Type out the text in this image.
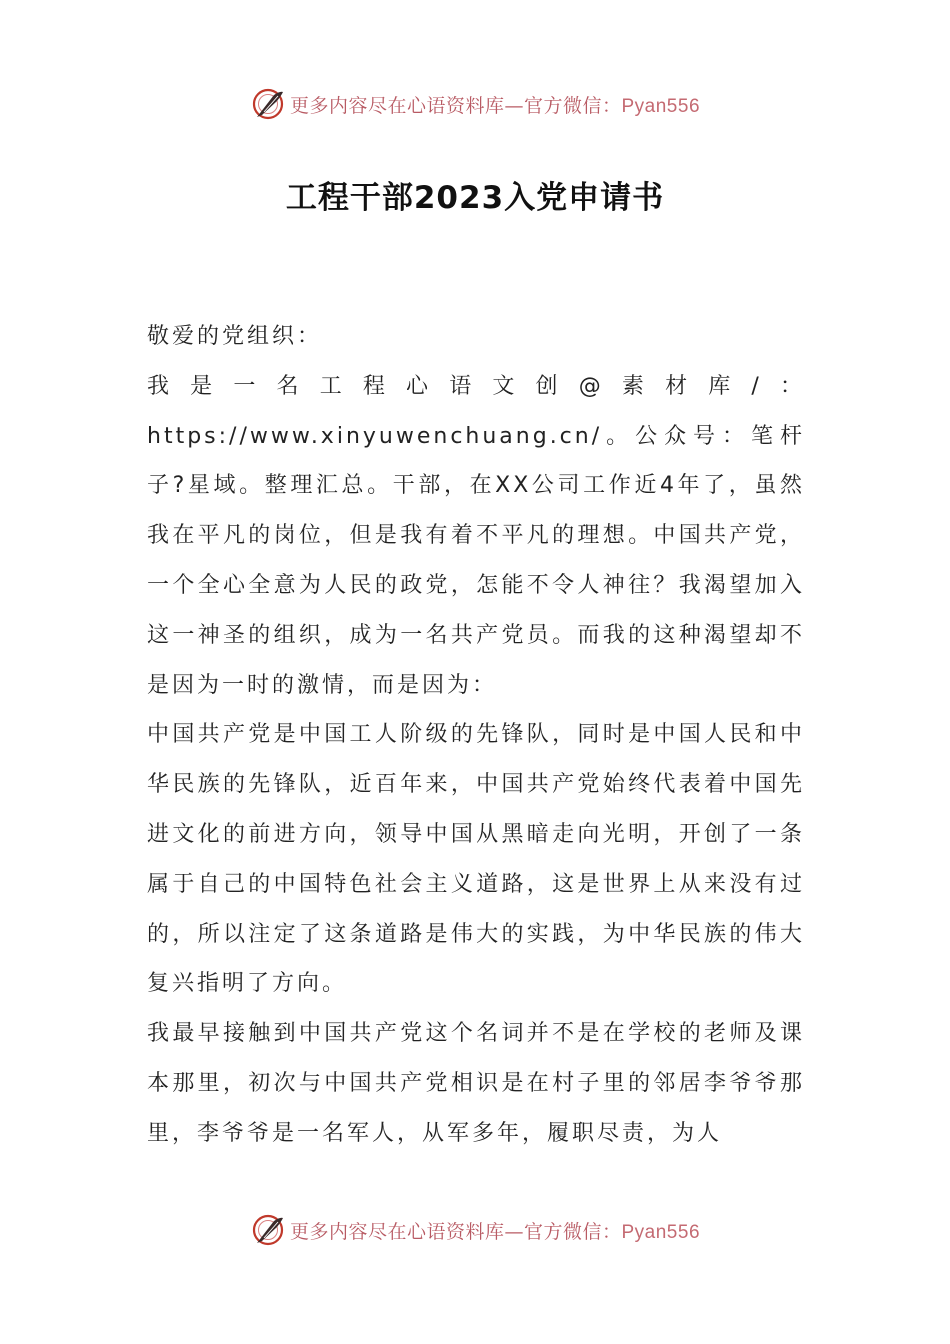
更多内容尽在心语资料库—官方微信：Pyan556
工程干部2023入党申请书

敬爱的党组织：

我是一名工程心语文创@素材库/：https://www.xinyuwenchuang.cn/。公众号：笔杆子?星域。整理汇总。干部，在XX公司工作近4年了，虽然我在平凡的岗位，但是我有着不平凡的理想。中国共产党，一个全心全意为人民的政党，怎能不令人神往？我渴望加入这一神圣的组织，成为一名共产党员。而我的这种渴望却不是因为一时的激情，而是因为：

中国共产党是中国工人阶级的先锋队，同时是中国人民和中华民族的先锋队，近百年来，中国共产党始终代表着中国先进文化的前进方向，领导中国从黑暗走向光明，开创了一条属于自己的中国特色社会主义道路，这是世界上从来没有过的，所以注定了这条道路是伟大的实践，为中华民族的伟大复兴指明了方向。

我最早接触到中国共产党这个名词并不是在学校的老师及课本那里，初次与中国共产党相识是在村子里的邻居李爷爷那里，李爷爷是一名军人，从军多年，履职尽责，为人

更多内容尽在心语资料库—官方微信：Pyan556
